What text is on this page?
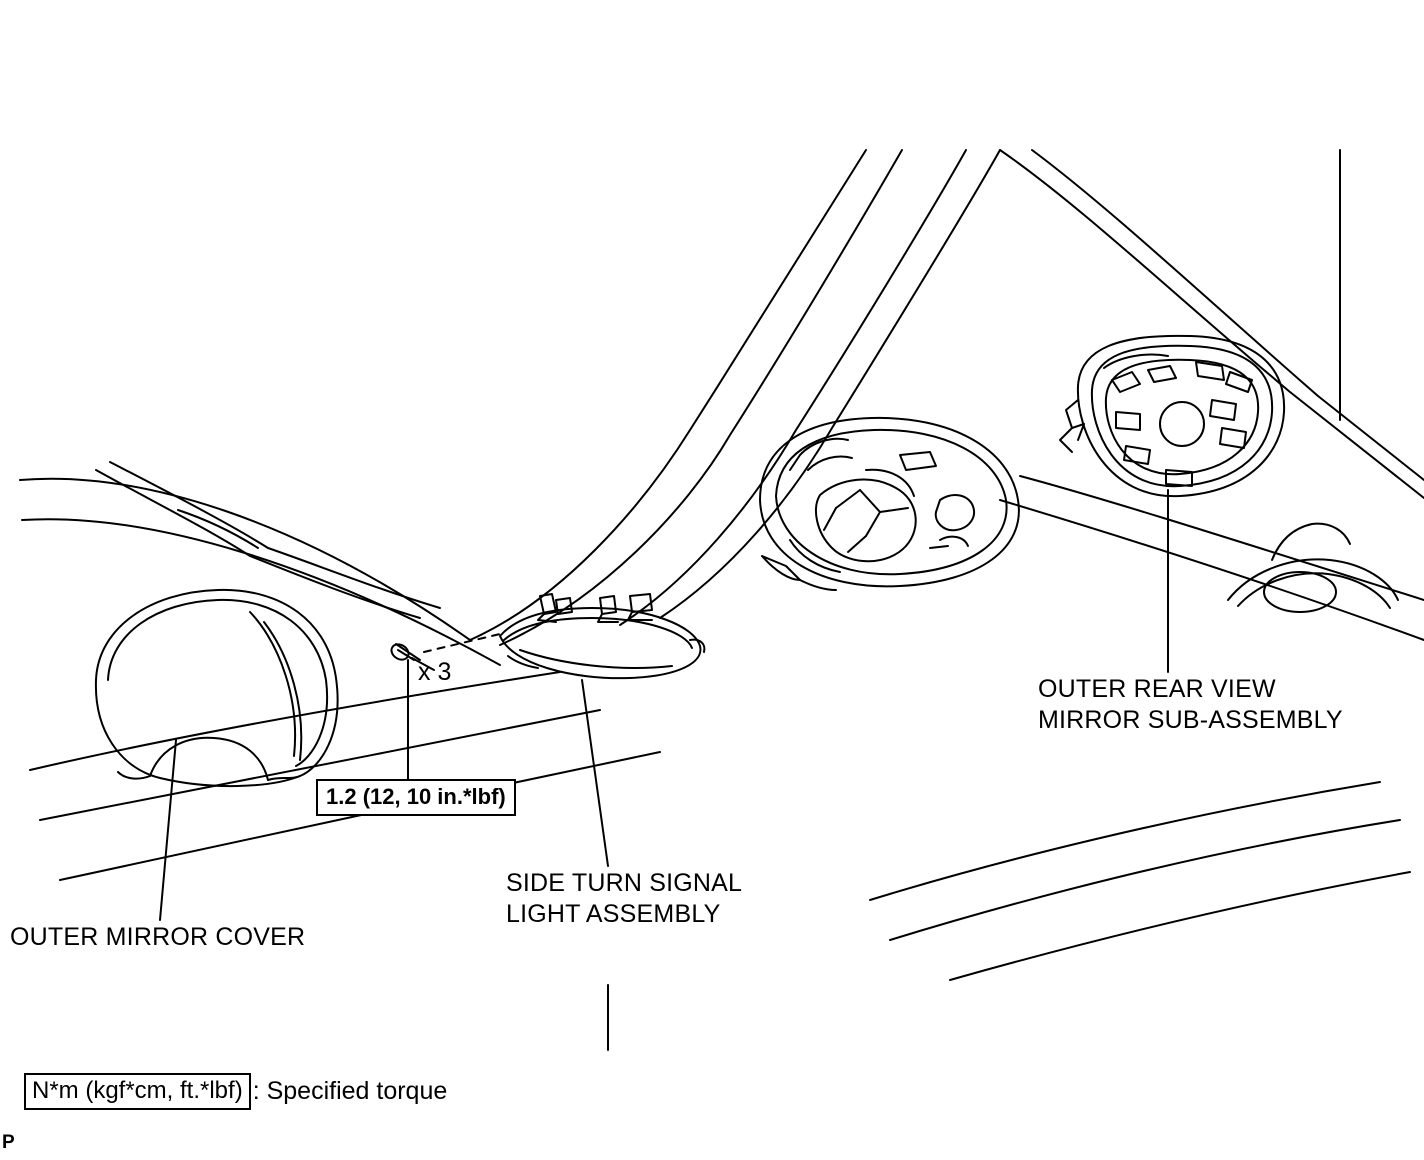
x 3
1.2 (12, 10 in.*lbf)
OUTER MIRROR COVER
SIDE TURN SIGNAL
LIGHT ASSEMBLY
OUTER REAR VIEW
MIRROR SUB-ASSEMBLY
N*m (kgf*cm, ft.*lbf) : Specified torque
P
